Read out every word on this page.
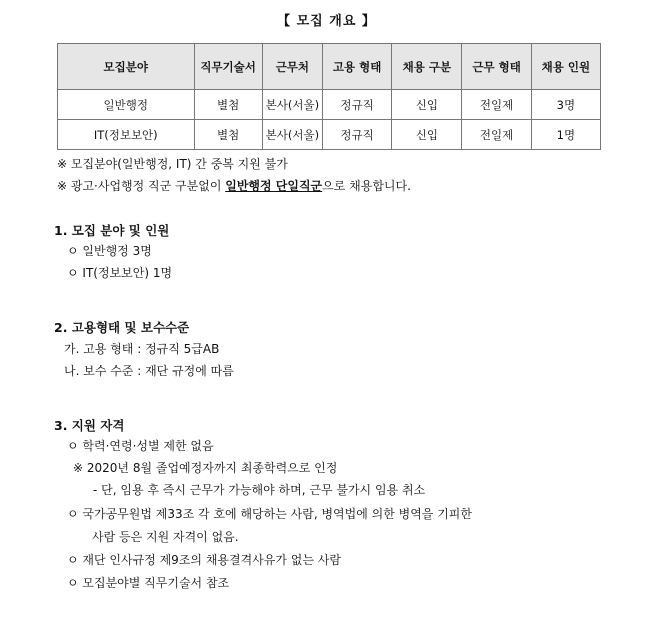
【 모집 개요 】
모집분야	직무기술서	근무처	고용 형태	채용 구분	근무 형태	채용 인원
일반행정	별첨	본사(서울)	정규직	신입	전일제	3명
IT(정보보안)	별첨	본사(서울)	정규직	신입	전일제	1명
※ 모집분야(일반행정, IT) 간 중복 지원 불가
※ 광고·사업행정 직군 구분없이 일반행정 단일직군으로 채용합니다.
1. 모집 분야 및 인원
ㅇ 일반행정 3명
ㅇ IT(정보보안) 1명
2. 고용형태 및 보수수준
가. 고용 형태 : 정규직 5급AB
나. 보수 수준 : 재단 규정에 따름
3. 지원 자격
ㅇ 학력·연령·성별 제한 없음
※ 2020년 8월 졸업예정자까지 최종학력으로 인정
- 단, 임용 후 즉시 근무가 가능해야 하며, 근무 불가시 임용 취소
ㅇ 국가공무원법 제33조 각 호에 해당하는 사람, 병역법에 의한 병역을 기피한
사람 등은 지원 자격이 없음.
ㅇ 재단 인사규정 제9조의 채용결격사유가 없는 사람
ㅇ 모집분야별 직무기술서 참조
